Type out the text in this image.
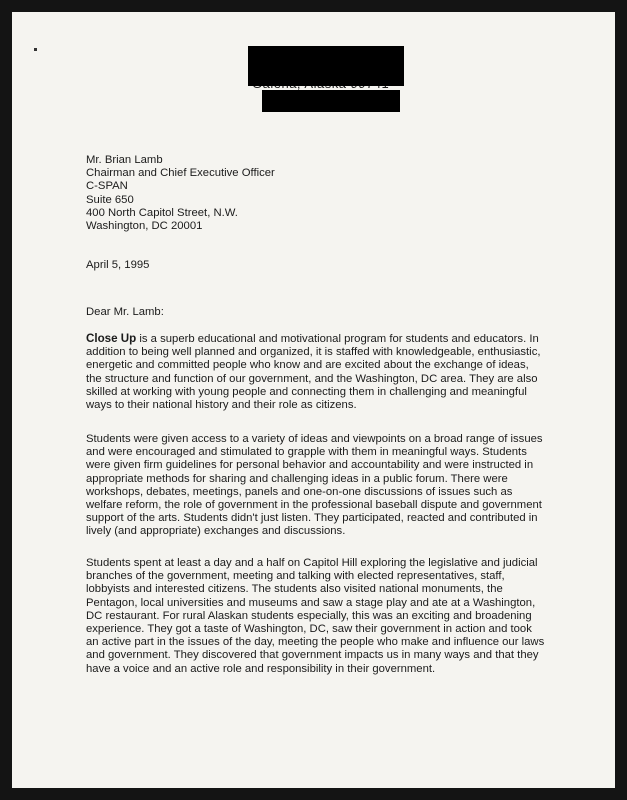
Mr. Brian Lamb
Chairman and Chief Executive Officer
C-SPAN
Suite 650
400 North Capitol Street, N.W.
Washington, DC 20001
April 5, 1995
Dear Mr. Lamb:

Close Up is a superb educational and motivational program for students and educators. In addition to being well planned and organized, it is staffed with knowledgeable, enthusiastic, energetic and committed people who know and are excited about the exchange of ideas, the structure and function of our government, and the Washington, DC area. They are also skilled at working with young people and connecting them in challenging and meaningful ways to their national history and their role as citizens.

Students were given access to a variety of ideas and viewpoints on a broad range of issues and were encouraged and stimulated to grapple with them in meaningful ways. Students were given firm guidelines for personal behavior and accountability and were instructed in appropriate methods for sharing and challenging ideas in a public forum. There were workshops, debates, meetings, panels and one-on-one discussions of issues such as welfare reform, the role of government in the professional baseball dispute and government support of the arts. Students didn't just listen. They participated, reacted and contributed in lively (and appropriate) exchanges and discussions.

Students spent at least a day and a half on Capitol Hill exploring the legislative and judicial branches of the government, meeting and talking with elected representatives, staff, lobbyists and interested citizens. The students also visited national monuments, the Pentagon, local universities and museums and saw a stage play and ate at a Washington, DC restaurant. For rural Alaskan students especially, this was an exciting and broadening experience. They got a taste of Washington, DC, saw their government in action and took an active part in the issues of the day, meeting the people who make and influence our laws and government. They discovered that government impacts us in many ways and that they have a voice and an active role and responsibility in their government.
